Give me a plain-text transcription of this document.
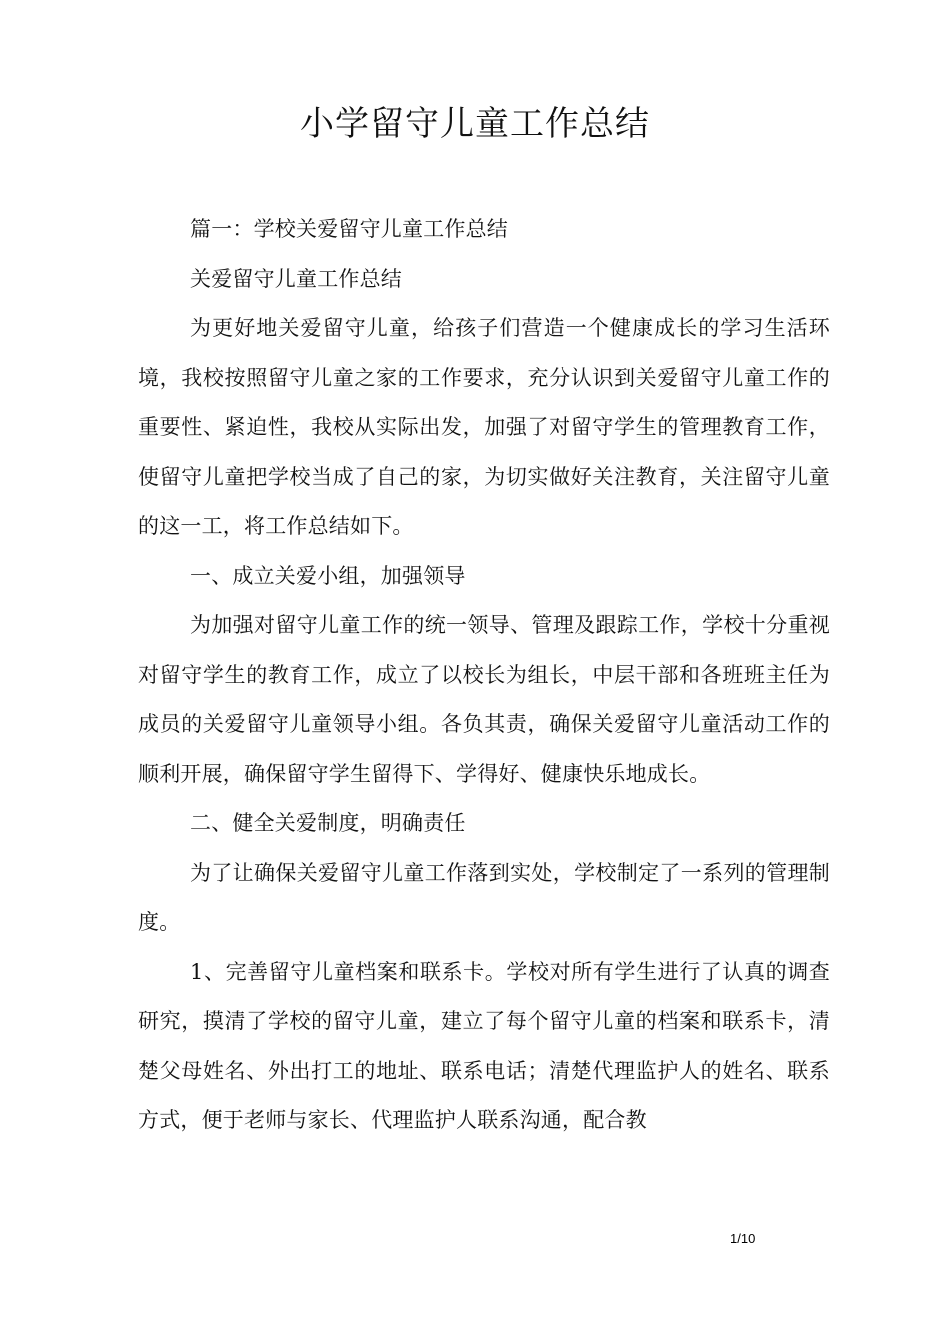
小学留守儿童工作总结

篇一：学校关爱留守儿童工作总结

关爱留守儿童工作总结

为更好地关爱留守儿童，给孩子们营造一个健康成长的学习生活环境，我校按照留守儿童之家的工作要求，充分认识到关爱留守儿童工作的重要性、紧迫性，我校从实际出发，加强了对留守学生的管理教育工作，使留守儿童把学校当成了自己的家，为切实做好关注教育，关注留守儿童的这一工，将工作总结如下。

一、成立关爱小组，加强领导

为加强对留守儿童工作的统一领导、管理及跟踪工作，学校十分重视对留守学生的教育工作，成立了以校长为组长，中层干部和各班班主任为成员的关爱留守儿童领导小组。各负其责，确保关爱留守儿童活动工作的顺利开展，确保留守学生留得下、学得好、健康快乐地成长。

二、健全关爱制度，明确责任

为了让确保关爱留守儿童工作落到实处，学校制定了一系列的管理制度。

1、完善留守儿童档案和联系卡。学校对所有学生进行了认真的调查研究，摸清了学校的留守儿童，建立了每个留守儿童的档案和联系卡，清楚父母姓名、外出打工的地址、联系电话；清楚代理监护人的姓名、联系方式，便于老师与家长、代理监护人联系沟通，配合教

1/10
